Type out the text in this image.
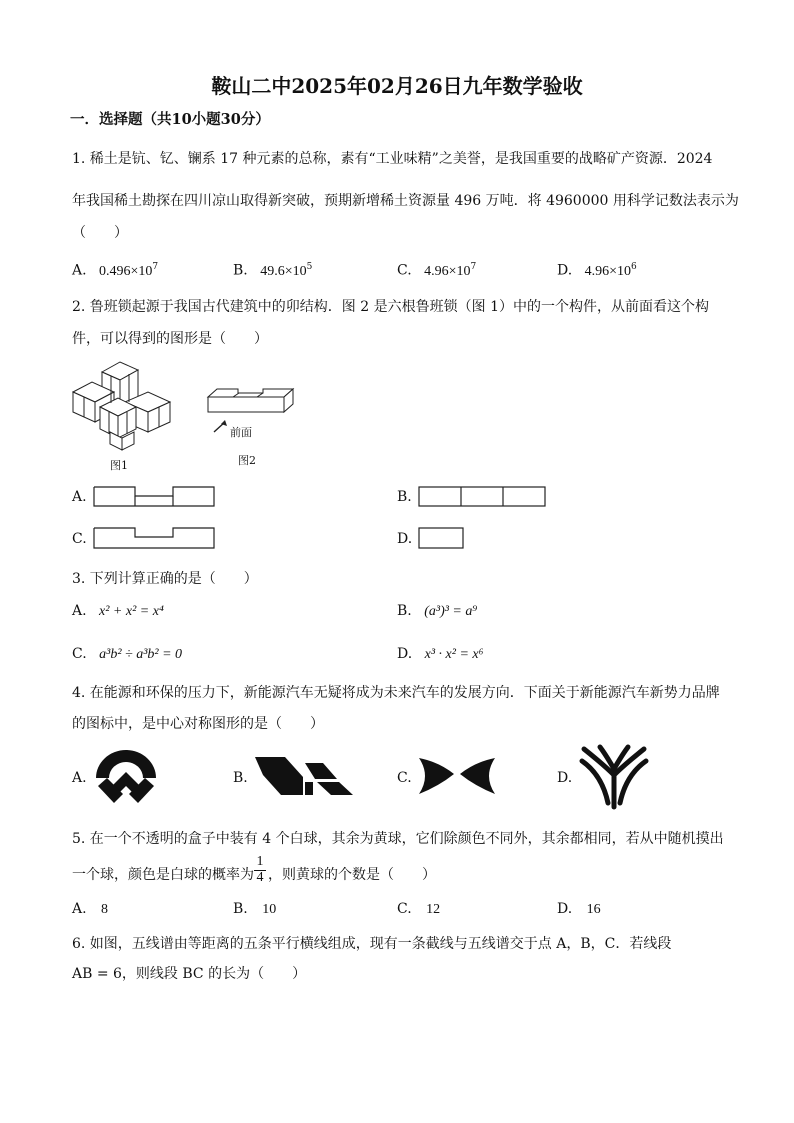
鞍山二中2025年02月26日九年数学验收
一．选择题（共10小题30分）
1. 稀土是钪、钇、镧系 17 种元素的总称，素有“工业味精”之美誉，是我国重要的战略矿产资源．2024
年我国稀土勘探在四川凉山取得新突破，预期新增稀土资源量 496 万吨．将 4960000 用科学记数法表示为
（　　）
A. $0.496\times 10^7$	B. $49.6\times 10^5$	C. $4.96\times 10^7$	D. $4.96\times 10^6$
2. 鲁班锁起源于我国古代建筑中的卯结构．图 2 是六根鲁班锁（图 1）中的一个构件，从前面看这个构
件，可以得到的图形是（　　）
图1
前面
图2
A.	B.
C.	D.
3. 下列计算正确的是（　　）
A. x² + x² = x⁴	B. (a³)³ = a⁹
C. a³b² ÷ a³b² = 0	D. x³ · x² = x⁶
4. 在能源和环保的压力下，新能源汽车无疑将成为未来汽车的发展方向．下面关于新能源汽车新势力品牌
的图标中，是中心对称图形的是（　　）
A.	B.	C.	D.
5. 在一个不透明的盒子中装有 4 个白球，其余为黄球，它们除颜色不同外，其余都相同，若从中随机摸出
一个球，颜色是白球的概率为
1
4 ，则黄球的个数是（　　）
A. 8	B. 10	C. 12	D. 16
6. 如图，五线谱由等距离的五条平行横线组成，现有一条截线与五线谱交于点 A，B，C．若线段
AB = 6，则线段 BC 的长为（　　）
